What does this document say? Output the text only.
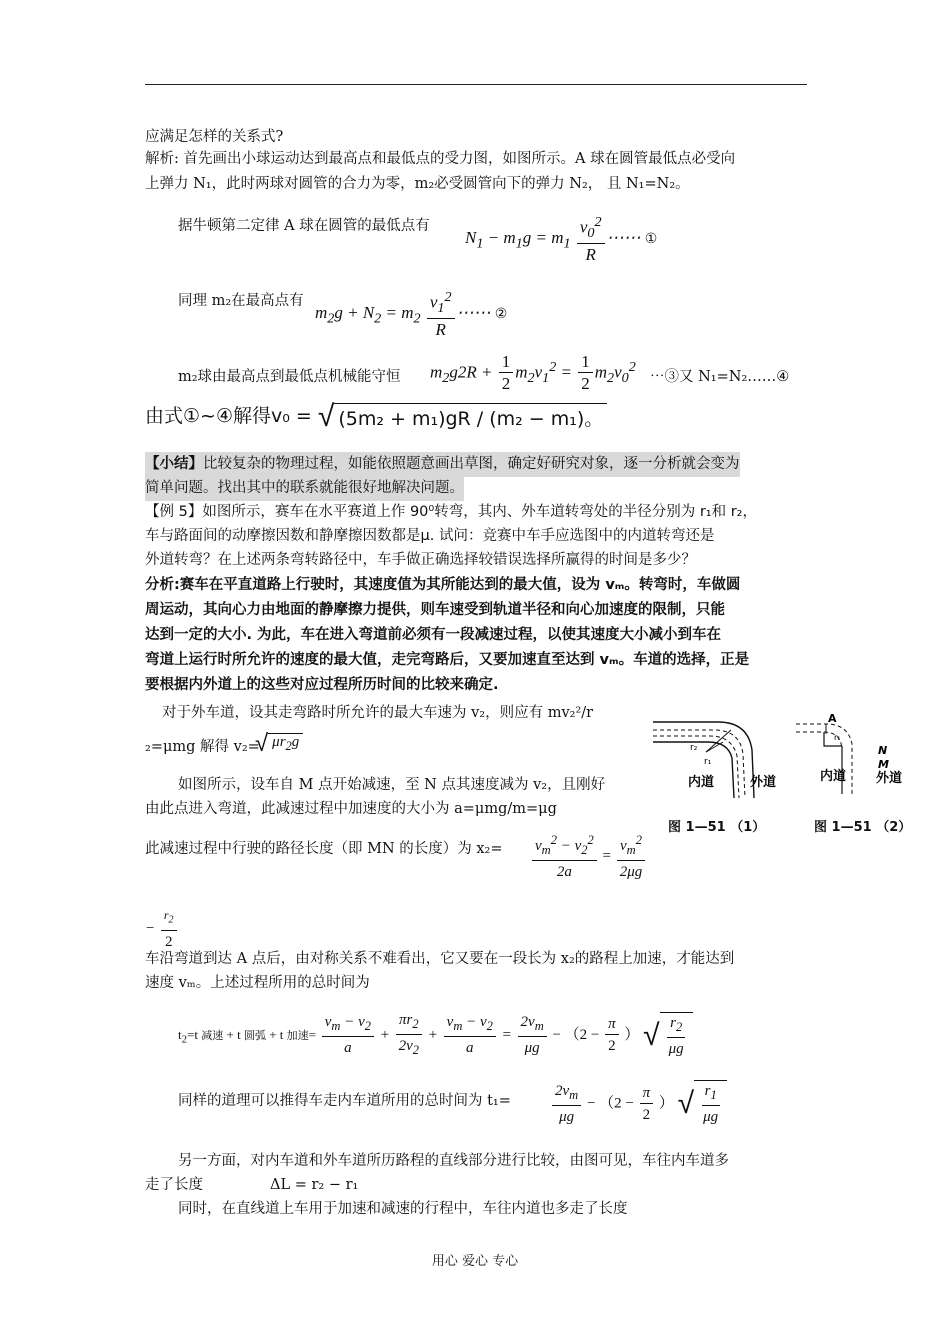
应满足怎样的关系式?
解析: 首先画出小球运动达到最高点和最低点的受力图，如图所示。A 球在圆管最低点必受向
上弹力 N₁，此时两球对圆管的合力为零，m₂必受圆管向下的弹力 N₂， 且 N₁=N₂。
据牛顿第二定律 A 球在圆管的最低点有
$N_1 - m_1g = m_1 \frac{v_0^2}{R}$ ⋯⋯ ①
同理 m₂在最高点有
$m_2g + N_2 = m_2 \frac{v_1^2}{R}$ ⋯⋯ ②
m₂球由最高点到最低点机械能守恒 $m_2g2R + \frac{1}{2} m_2v_1^2 = \frac{1}{2} m_2v_0^2$
⋯③又 N₁=N₂……④
由式①~④解得v₀ = √ (5m₂ + m₁)gR / (m₂ − m₁)。
【小结】比较复杂的物理过程，如能依照题意画出草图，确定好研究对象，逐一分析就会变为
简单问题。找出其中的联系就能很好地解决问题。
【例 5】如图所示，赛车在水平赛道上作 90⁰转弯，其内、外车道转弯处的半径分别为 r₁和 r₂，
车与路面间的动摩擦因数和静摩擦因数都是μ. 试问：竞赛中车手应选图中的内道转弯还是
外道转弯？在上述两条弯转路径中，车手做正确选择较错误选择所赢得的时间是多少？
分析:赛车在平直道路上行驶时，其速度值为其所能达到的最大值，设为 vₘ。转弯时，车做圆
周运动，其向心力由地面的静摩擦力提供，则车速受到轨道半径和向心加速度的限制，只能
达到一定的大小. 为此，车在进入弯道前必须有一段减速过程，以使其速度大小减小到车在
弯道上运行时所允许的速度的最大值，走完弯路后，又要加速直至达到 vₘ。车道的选择，正是
要根据内外道上的这些对应过程所历时间的比较来确定.
对于外车道，设其走弯路时所允许的最大车速为 v₂，则应有 mv₂²/r
₂=μmg 解得 v₂=
√ $\mu r_2g$
如图所示，设车自 M 点开始减速，至 N 点其速度减为 v₂，且刚好
由此点进入弯道，此减速过程中加速度的大小为 a=μmg/m=μg
此减速过程中行驶的路径长度（即 MN 的长度）为 $x_2= \frac{v_m^2 - v_2^2}{2a} = \frac{v_m^2}{2\mu g}$
− $\frac{r_2}{2}$
车沿弯道到达 A 点后，由对称关系不难看出，它又要在一段长为 x₂的路程上加速，才能达到
速度 vₘ。上述过程所用的总时间为
$t_2=t$ 减速 + t 圆弧 + t 加速= $\frac{v_m - v_2}{a} + \frac{\pi r_2}{2v_2} + \frac{v_m - v_2}{a} = \frac{2v_m}{\mu g} - (2 - \frac{\pi}{2}$ ） √ $\frac{r_2}{\mu g}$
同样的道理可以推得车走内车道所用的总时间为 t₁=	$\frac{2v_m}{\mu g} - (2 - \frac{\pi}{2}$ ） √ $\frac{r_1}{\mu g}$
另一方面，对内车道和外车道所历路程的直线部分进行比较，由图可见，车往内车道多
走了长度	ΔL = r₂ − r₁
同时，在直线道上车用于加速和减速的行程中，车往内道也多走了长度
r₂
r₁
内道	外道
图 1—51 （1）
A
r₁
N
M
内道 外道
图 1—51 （2）
用心 爱心 专心
